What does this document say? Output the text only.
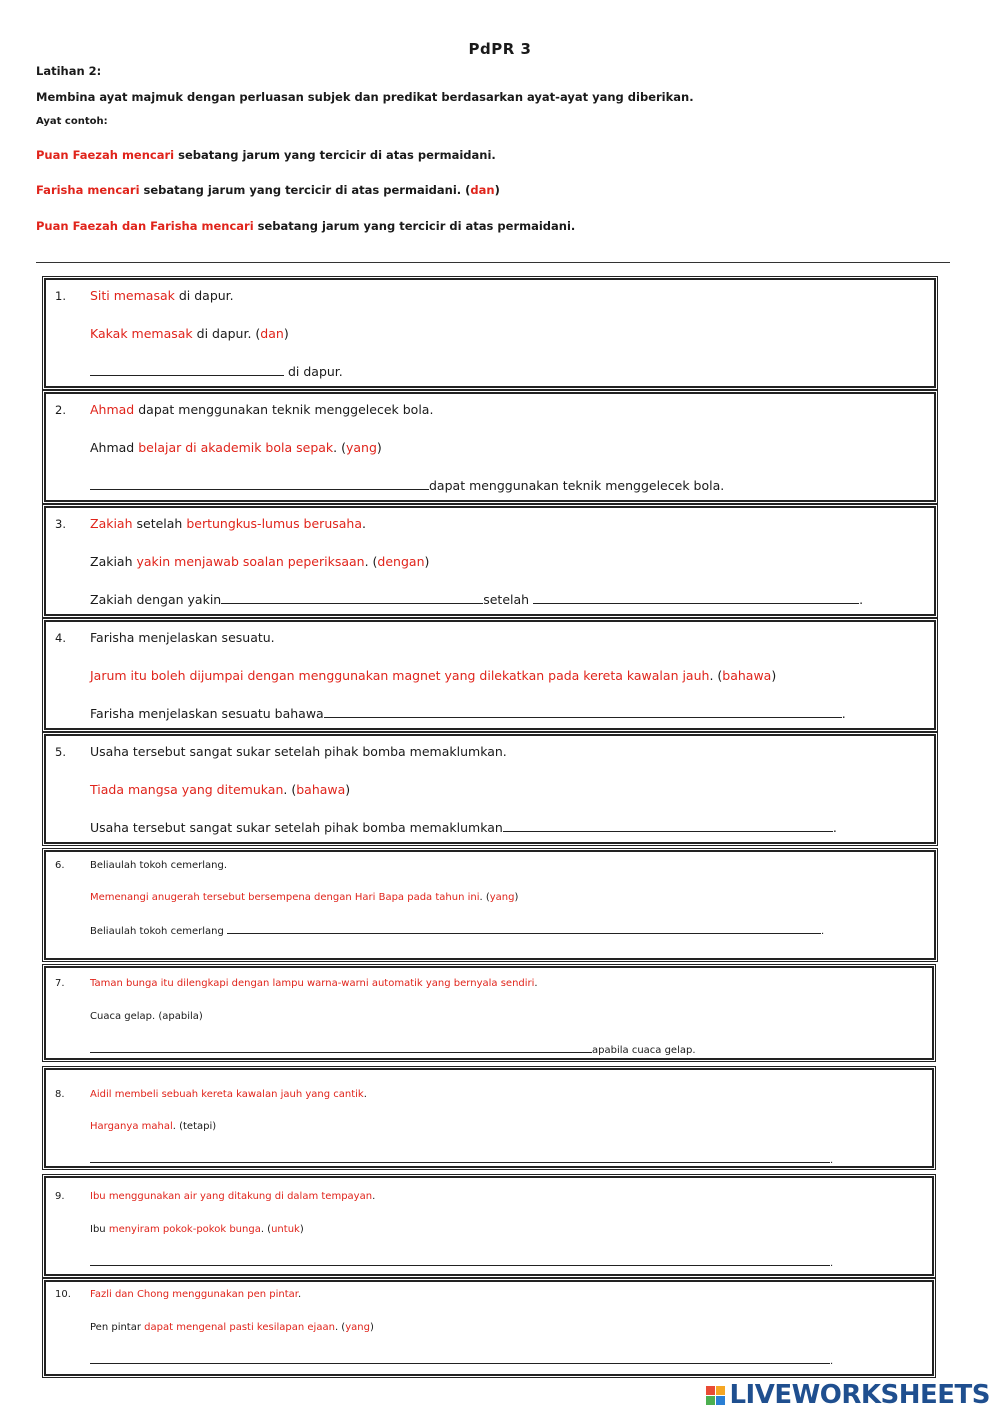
PdPR 3
Latihan 2:
Membina ayat majmuk dengan perluasan subjek dan predikat berdasarkan ayat-ayat yang diberikan.
Ayat contoh:
Puan Faezah mencari sebatang jarum yang tercicir di atas permaidani.
Farisha mencari sebatang jarum yang tercicir di atas permaidani. (dan)
Puan Faezah dan Farisha mencari sebatang jarum yang tercicir di atas permaidani.
1. Siti memasak di dapur.
Kakak memasak di dapur. (dan)
di dapur.
2. Ahmad dapat menggunakan teknik menggelecek bola.
Ahmad belajar di akademik bola sepak. (yang)
dapat menggunakan teknik menggelecek bola.
3. Zakiah setelah bertungkus-lumus berusaha.
Zakiah yakin menjawab soalan peperiksaan. (dengan)
Zakiah dengan yakin	setelah	.
4. Farisha menjelaskan sesuatu.
Jarum itu boleh dijumpai dengan menggunakan magnet yang dilekatkan pada kereta kawalan jauh. (bahawa)
Farisha menjelaskan sesuatu bahawa	.
5. Usaha tersebut sangat sukar setelah pihak bomba memaklumkan.
Tiada mangsa yang ditemukan. (bahawa)
Usaha tersebut sangat sukar setelah pihak bomba memaklumkan	.
6.	Beliaulah tokoh cemerlang.
Memenangi anugerah tersebut bersempena dengan Hari Bapa pada tahun ini. (yang)
Beliaulah tokoh cemerlang	.
7.	Taman bunga itu dilengkapi dengan lampu warna-warni automatik yang bernyala sendiri.
Cuaca gelap. (apabila)
apabila cuaca gelap.
8.	Aidil membeli sebuah kereta kawalan jauh yang cantik.
Harganya mahal. (tetapi)
.
9.	Ibu menggunakan air yang ditakung di dalam tempayan.
Ibu menyiram pokok-pokok bunga. (untuk)
.
10. Fazli dan Chong menggunakan pen pintar.
Pen pintar dapat mengenal pasti kesilapan ejaan. (yang)
.
LIVEWORKSHEETS
